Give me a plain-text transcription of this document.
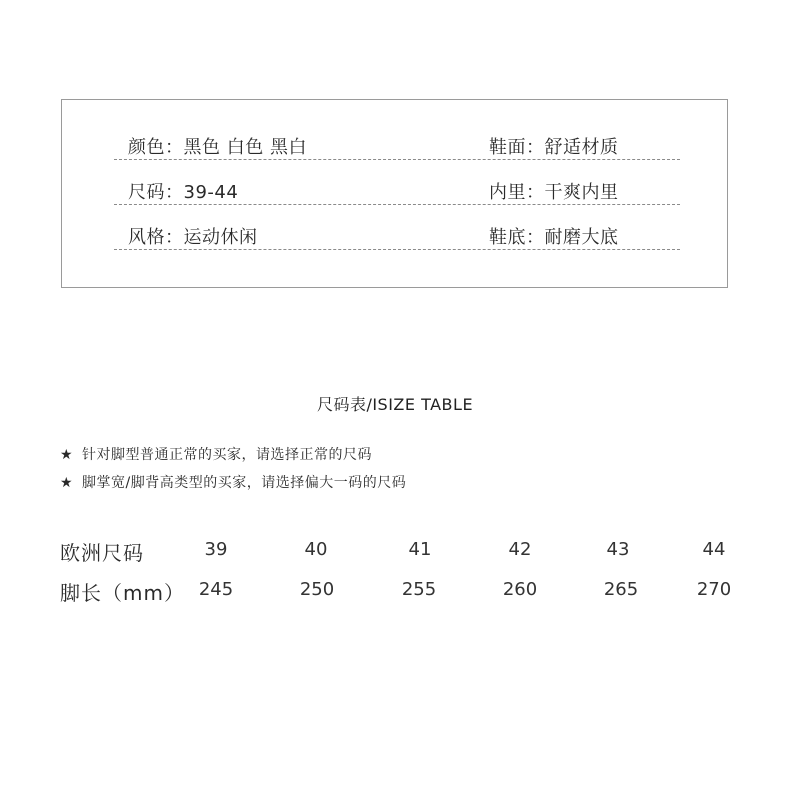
颜色：黑色 白色 黑白	鞋面：舒适材质
尺码：39-44	内里：干爽内里
风格：运动休闲	鞋底：耐磨大底
尺码表/ISIZE TABLE
★ 针对脚型普通正常的买家，请选择正常的尺码
★ 脚掌宽/脚背高类型的买家，请选择偏大一码的尺码
欧洲尺码	39	40	41	42	43	44
脚长（mm） 245	250	255	260	265	270
